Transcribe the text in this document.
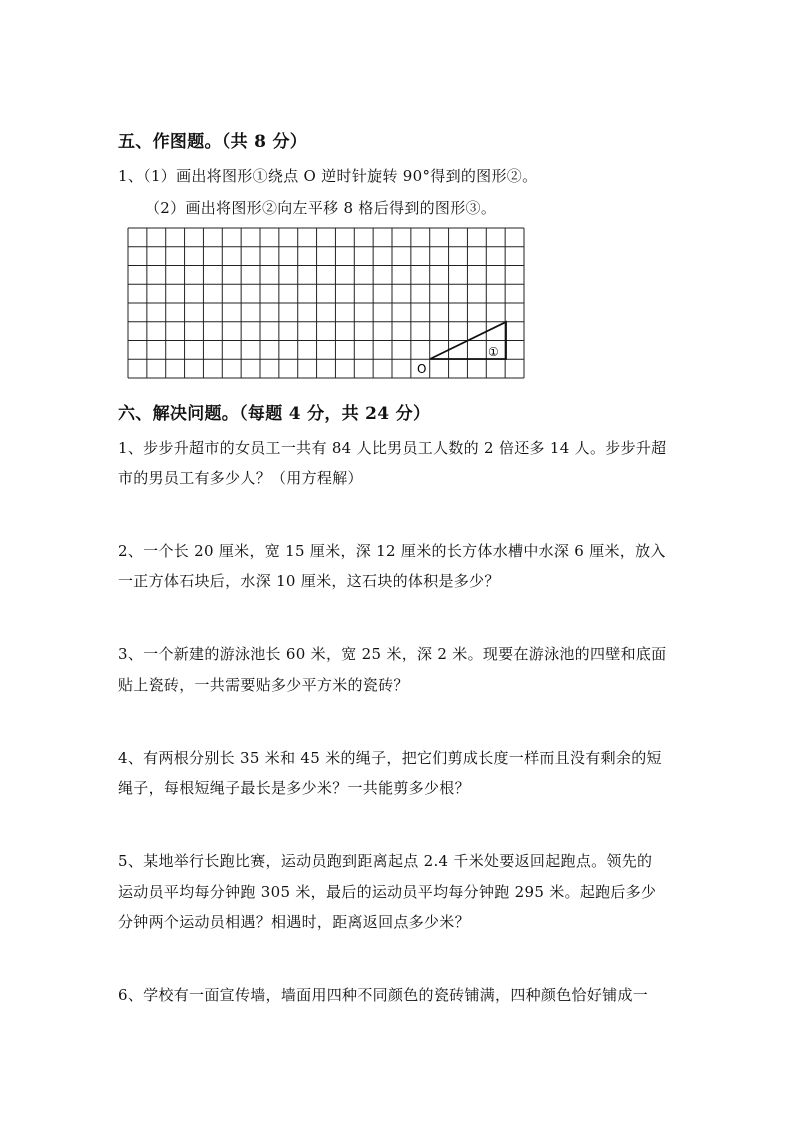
五、作图题。（共 8 分）
1、（1）画出将图形①绕点 O 逆时针旋转 90°得到的图形②。
（2）画出将图形②向左平移 8 格后得到的图形③。
O
①
六、解决问题。（每题 4 分，共 24 分）
1、步步升超市的女员工一共有 84 人比男员工人数的 2 倍还多 14 人。步步升超
市的男员工有多少人？（用方程解）
2、一个长 20 厘米，宽 15 厘米，深 12 厘米的长方体水槽中水深 6 厘米，放入
一正方体石块后，水深 10 厘米，这石块的体积是多少？
3、一个新建的游泳池长 60 米，宽 25 米，深 2 米。现要在游泳池的四壁和底面
贴上瓷砖，一共需要贴多少平方米的瓷砖？
4、有两根分别长 35 米和 45 米的绳子，把它们剪成长度一样而且没有剩余的短
绳子，每根短绳子最长是多少米？一共能剪多少根？
5、某地举行长跑比赛，运动员跑到距离起点 2.4 千米处要返回起跑点。领先的
运动员平均每分钟跑 305 米，最后的运动员平均每分钟跑 295 米。起跑后多少
分钟两个运动员相遇？相遇时，距离返回点多少米？
6、学校有一面宣传墙，墙面用四种不同颜色的瓷砖铺满，四种颜色恰好铺成一
